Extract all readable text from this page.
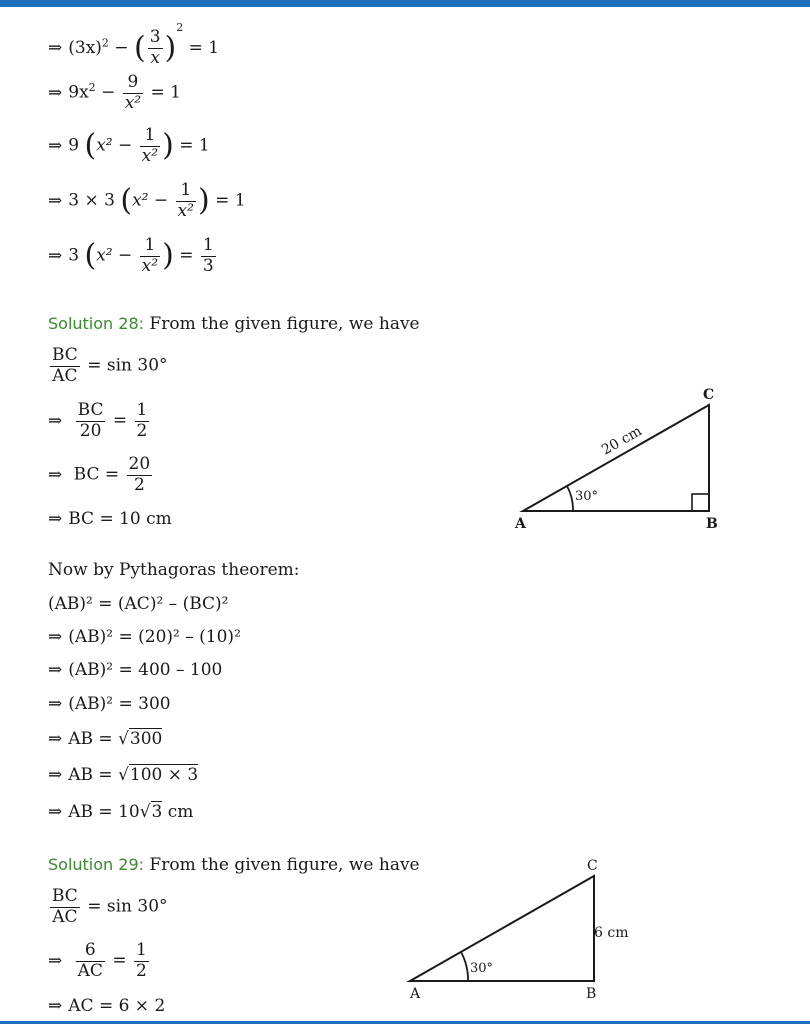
⇒ $(3x)^2$ − ( $\frac{3}{x} )^2 = 1$
⇒ $9x^2 - \frac{9}{\text{x²}} = 1$
⇒ 9 ($x^2 - \frac{1}{\text{x²}}$ ) = 1
⇒ 3 × 3 ($x^2 - \frac{1}{\text{x²}}$ ) = 1
⇒ 3 ($x^2 - \frac{1}{\text{x²}}$ ) = $\frac{1}{3}$
Solution 28: From the given figure, we have
$\frac{BC}{AC} = \sin 30^\circ$
⇒ $\frac{BC}{20} = \frac{1}{2}$
⇒ BC = $\frac{20}{2}$
⇒ BC = 10 cm
Now by Pythagoras theorem:
(AB)² = (AC)² – (BC)²
⇒ (AB)² = (20)² – (10)²
⇒ (AB)² = 400 – 100
⇒ (AB)² = 300
⇒ AB = √300
⇒ AB = √100 × 3
⇒ AB = 10√3 cm
30°
20 cm
A	B
C
Solution 29: From the given figure, we have
$\frac{BC}{AC} = \sin 30^\circ$
⇒ $\frac{6}{AC} = \frac{1}{2}$
⇒ AC = 6 × 2
30°
6 cm
A	B
C
